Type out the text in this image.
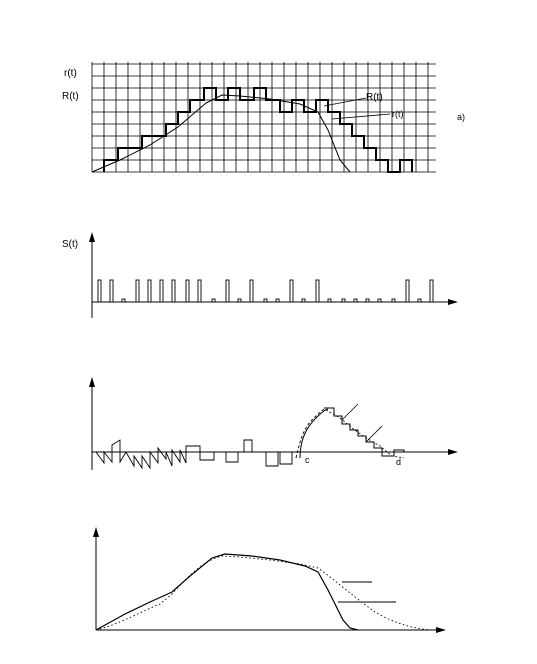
r(t)
R(t)	R(t)
r(t)	a)
S(t)
c	d
